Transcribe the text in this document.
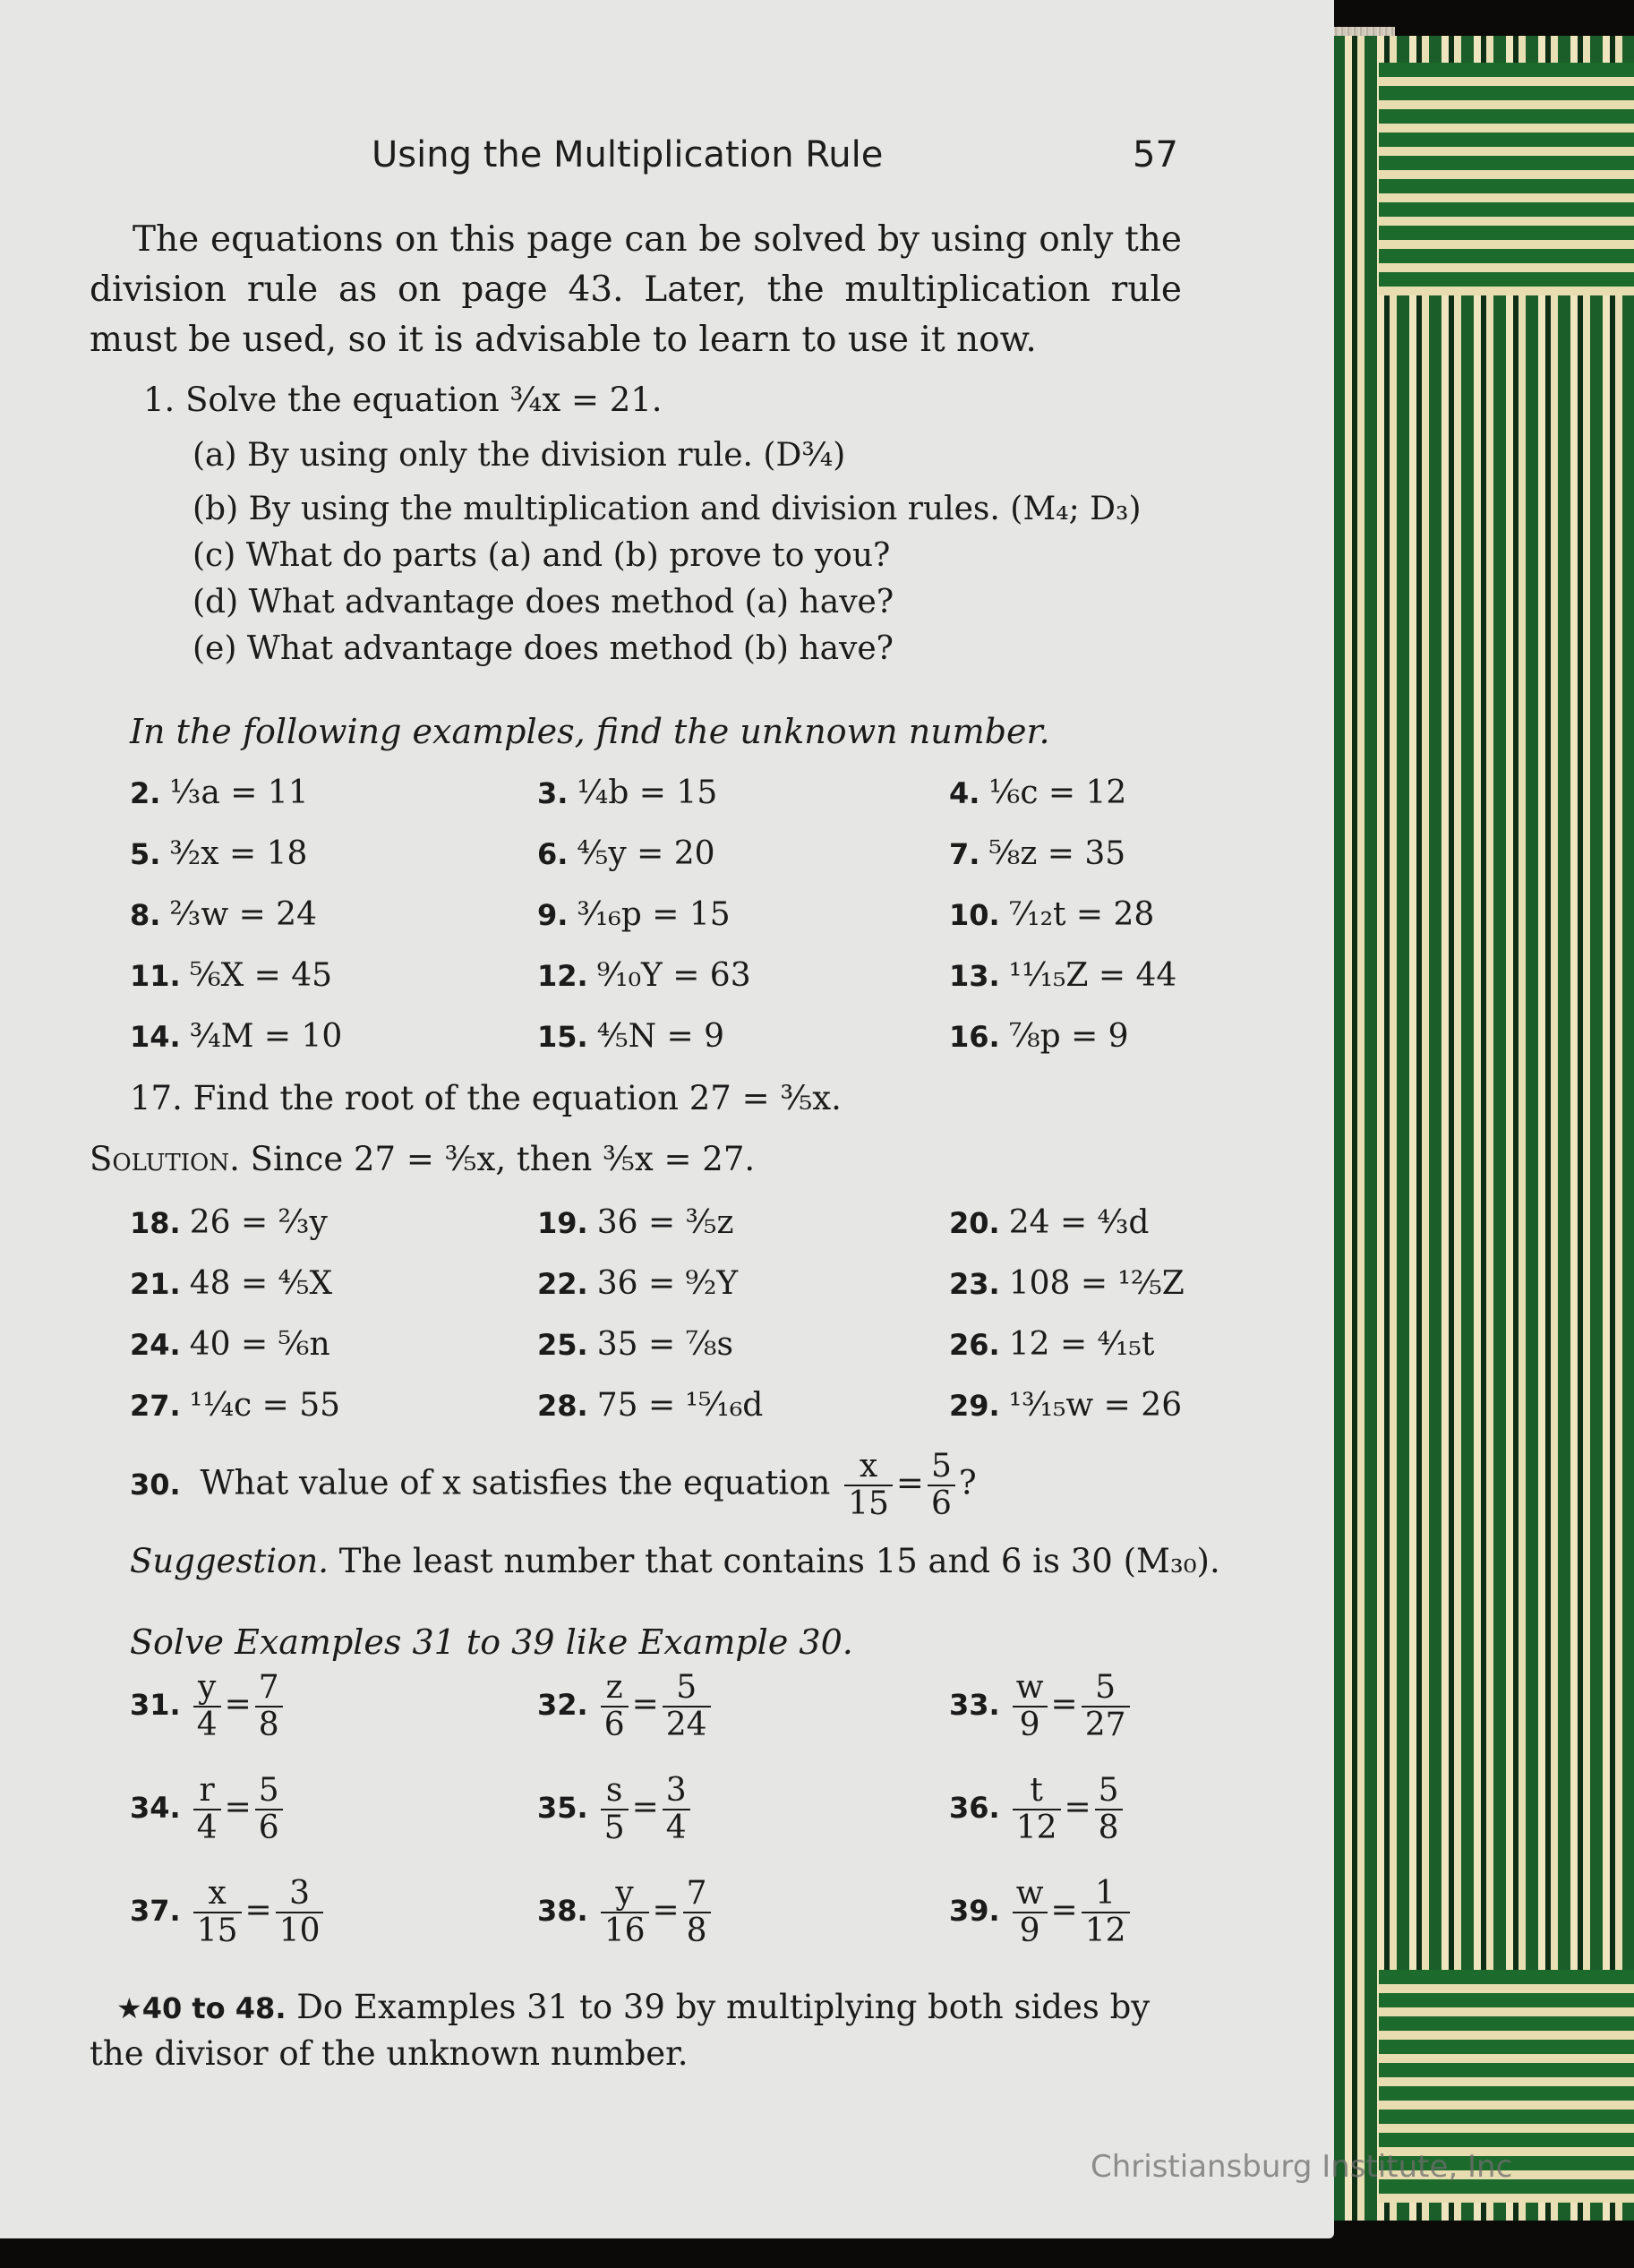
Using the Multiplication Rule	57
The equations on this page can be solved by using only the division rule as on page 43. Later, the multiplication rule must be used, so it is advisable to learn to use it now.
1. Solve the equation ¾x = 21.
(a) By using only the division rule. (D¾)
(b) By using the multiplication and division rules. (M₄; D₃)
(c) What do parts (a) and (b) prove to you?
(d) What advantage does method (a) have?
(e) What advantage does method (b) have?
In the following examples, find the unknown number.
2. ⅓a = 11	3. ¼b = 15	4. ⅙c = 12
5. ³⁄₂x = 18	6. ⅘y = 20	7. ⅝z = 35
8. ⅔w = 24	9. ³⁄₁₆p = 15	10. ⁷⁄₁₂t = 28
11. ⅚X = 45	12. ⁹⁄₁₀Y = 63	13. ¹¹⁄₁₅Z = 44
14. ¾M = 10	15. ⅘N = 9	16. ⅞p = 9
17. Find the root of the equation 27 = ⅗x.
Solution. Since 27 = ⅗x, then ⅗x = 27.
18. 26 = ⅔y	19. 36 = ⅗z	20. 24 = ⁴⁄₃d
21. 48 = ⅘X	22. 36 = ⁹⁄₂Y	23. 108 = ¹²⁄₅Z
24. 40 = ⅚n	25. 35 = ⅞s	26. 12 = ⁴⁄₁₅t
27. ¹¹⁄₄c = 55	28. 75 = ¹⁵⁄₁₆d	29. ¹³⁄₁₅w = 26
30. What value of x satisfies the equation $\frac{x}{15} = \frac{5}{6}$ ?
Suggestion. The least number that contains 15 and 6 is 30 (M₃₀).
Solve Examples 31 to 39 like Example 30.
31. $\frac{y}{4} = \frac{7}{8}$	32. $\frac{z}{6} = \frac{5}{24}$	33. $\frac{w}{9} = \frac{5}{27}$
34. $\frac{r}{4} = \frac{5}{6}$	35. $\frac{s}{5} = \frac{3}{4}$	36. $\frac{t}{12} = \frac{5}{8}$
37. $\frac{x}{15} = \frac{3}{10}$	38. $\frac{y}{16} = \frac{7}{8}$	39. $\frac{w}{9} = \frac{1}{12}$
★40 to 48. Do Examples 31 to 39 by multiplying both sides by
the divisor of the unknown number.
Christiansburg Institute, Inc
